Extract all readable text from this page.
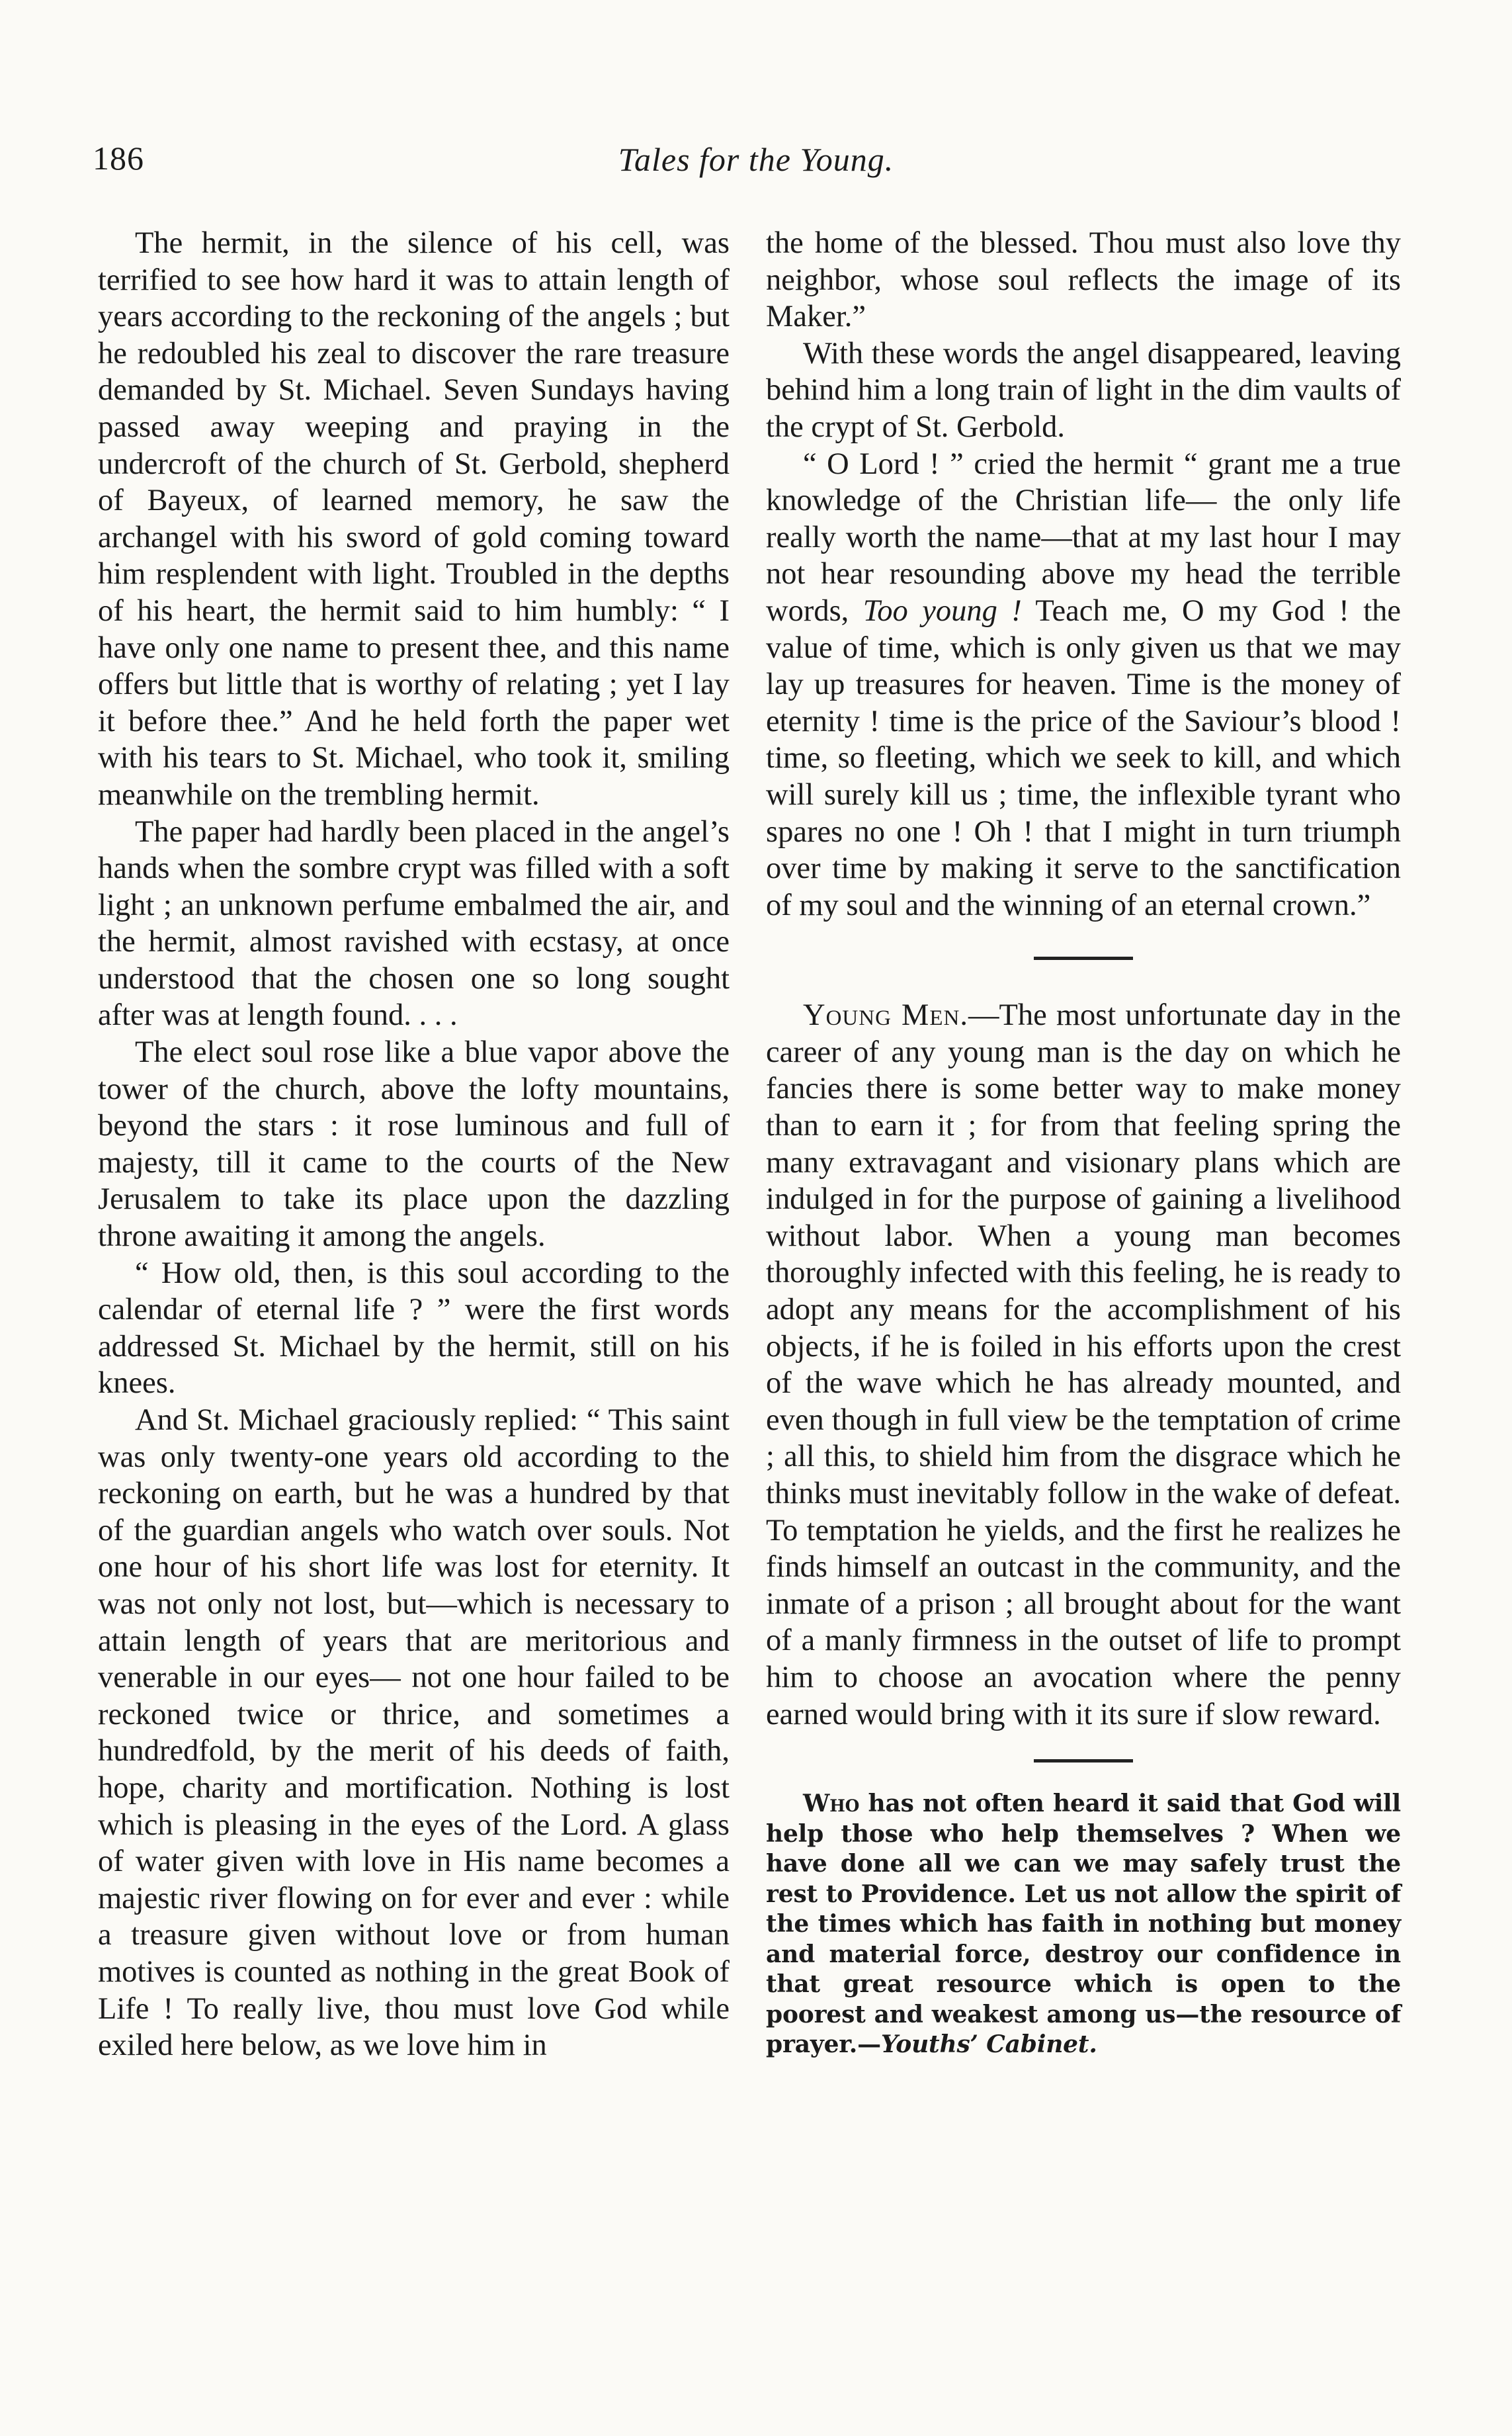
186	Tales for the Young.

The hermit, in the silence of his cell, was terrified to see how hard it was to attain length of years according to the reckoning of the angels ; but he redoubled his zeal to discover the rare treasure demanded by St. Michael. Seven Sundays having passed away weeping and praying in the undercroft of the church of St. Gerbold, shepherd of Bayeux, of learned memory, he saw the archangel with his sword of gold coming toward him resplendent with light. Troubled in the depths of his heart, the hermit said to him humbly: “ I have only one name to present thee, and this name offers but little that is worthy of relating ; yet I lay it before thee.” And he held forth the paper wet with his tears to St. Michael, who took it, smiling meanwhile on the trembling hermit.

The paper had hardly been placed in the angel’s hands when the sombre crypt was filled with a soft light ; an unknown perfume embalmed the air, and the hermit, almost ravished with ecstasy, at once understood that the chosen one so long sought after was at length found. . . .

The elect soul rose like a blue vapor above the tower of the church, above the lofty mountains, beyond the stars : it rose luminous and full of majesty, till it came to the courts of the New Jerusalem to take its place upon the dazzling throne awaiting it among the angels.

“ How old, then, is this soul according to the calendar of eternal life ? ” were the first words addressed St. Michael by the hermit, still on his knees.

And St. Michael graciously replied: “ This saint was only twenty-one years old according to the reckoning on earth, but he was a hundred by that of the guardian angels who watch over souls. Not one hour of his short life was lost for eternity. It was not only not lost, but—which is necessary to attain length of years that are meritorious and venerable in our eyes— not one hour failed to be reckoned twice or thrice, and sometimes a hundredfold, by the merit of his deeds of faith, hope, charity and mortification. Nothing is lost which is pleasing in the eyes of the Lord. A glass of water given with love in His name becomes a majestic river flowing on for ever and ever : while a treasure given without love or from human motives is counted as nothing in the great Book of Life ! To really live, thou must love God while exiled here below, as we love him in

the home of the blessed. Thou must also love thy neighbor, whose soul reflects the image of its Maker.”

With these words the angel disappeared, leaving behind him a long train of light in the dim vaults of the crypt of St. Gerbold.

“ O Lord ! ” cried the hermit “ grant me a true knowledge of the Christian life— the only life really worth the name—that at my last hour I may not hear resounding above my head the terrible words, Too young ! Teach me, O my God ! the value of time, which is only given us that we may lay up treasures for heaven. Time is the money of eternity ! time is the price of the Saviour’s blood ! time, so fleeting, which we seek to kill, and which will surely kill us ; time, the inflexible tyrant who spares no one ! Oh ! that I might in turn triumph over time by making it serve to the sanctification of my soul and the winning of an eternal crown.”

Young Men.—The most unfortunate day in the career of any young man is the day on which he fancies there is some better way to make money than to earn it ; for from that feeling spring the many extravagant and visionary plans which are indulged in for the purpose of gaining a livelihood without labor. When a young man becomes thoroughly infected with this feeling, he is ready to adopt any means for the accomplishment of his objects, if he is foiled in his efforts upon the crest of the wave which he has already mounted, and even though in full view be the temptation of crime ; all this, to shield him from the disgrace which he thinks must inevitably follow in the wake of defeat. To temptation he yields, and the first he realizes he finds himself an outcast in the community, and the inmate of a prison ; all brought about for the want of a manly firmness in the outset of life to prompt him to choose an avocation where the penny earned would bring with it its sure if slow reward.

Who has not often heard it said that God will help those who help themselves ? When we have done all we can we may safely trust the rest to Providence. Let us not allow the spirit of the times which has faith in nothing but money and material force, destroy our confidence in that great resource which is open to the poorest and weakest among us—the resource of prayer.—Youths’ Cabinet.
